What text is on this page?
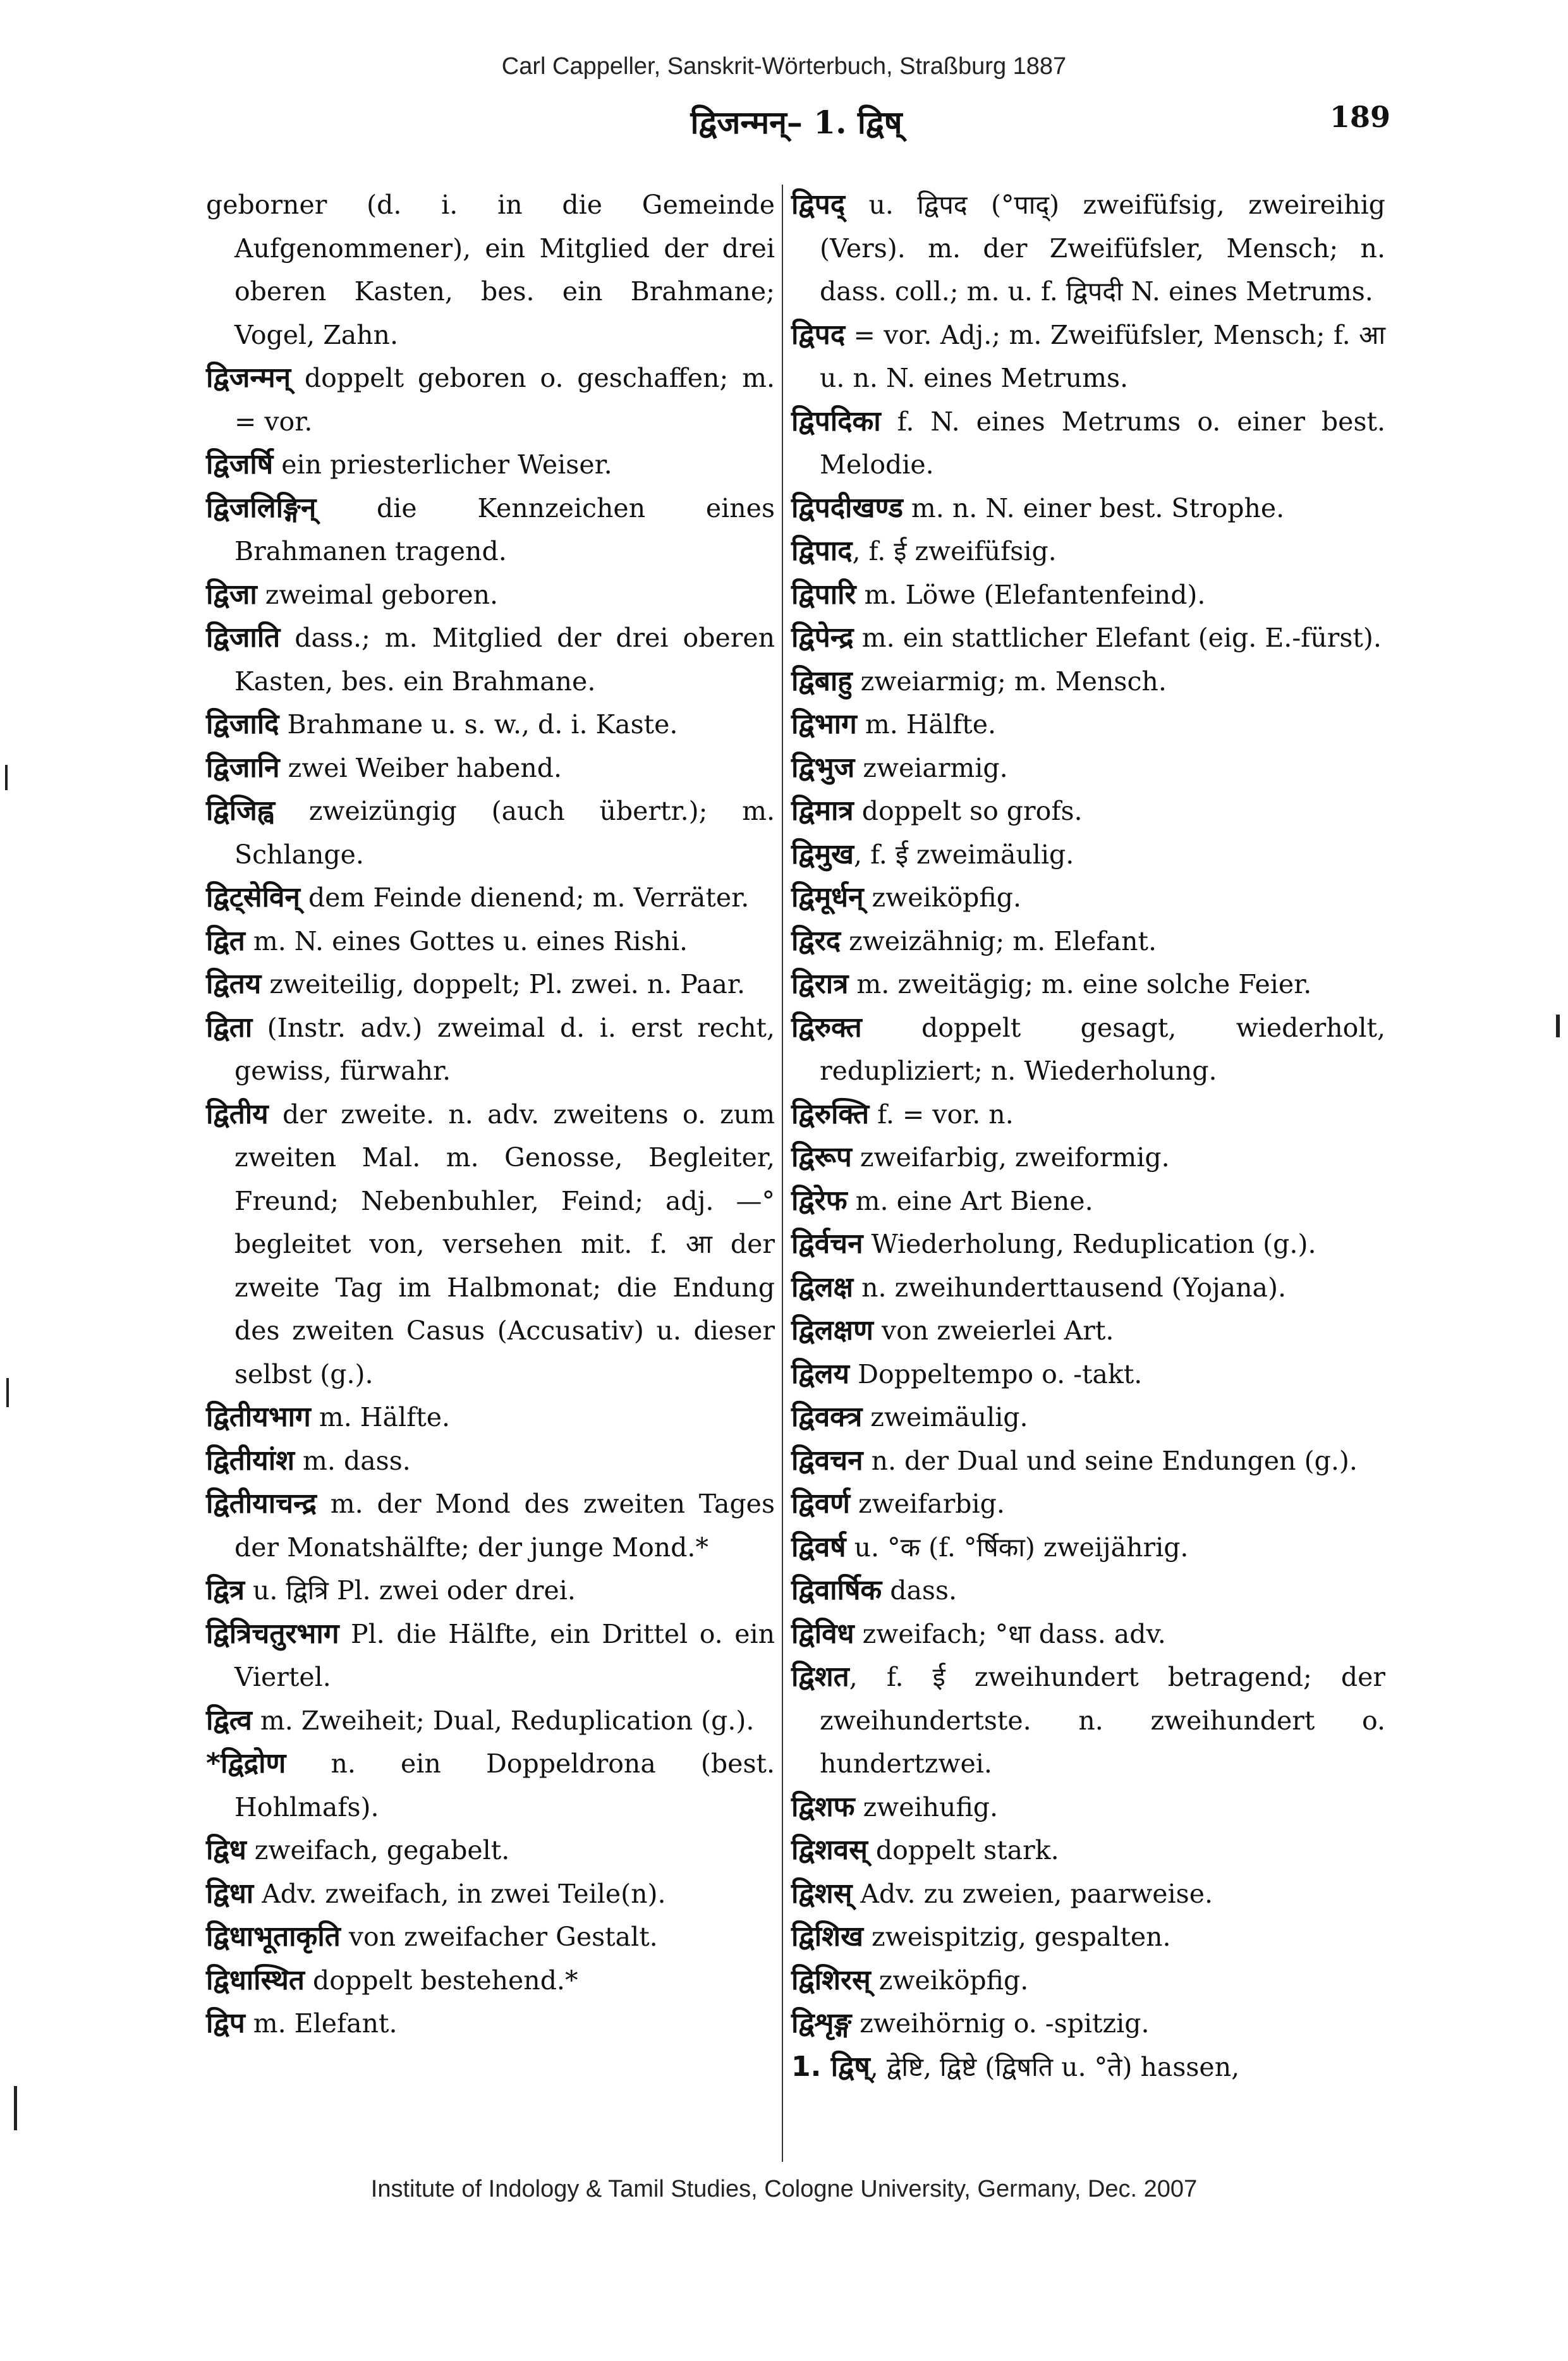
Carl Cappeller, Sanskrit-Wörterbuch, Straßburg 1887
द्विजन्मन्– 1. द्विष्	189

geborner (d. i. in die Gemeinde Aufgenommener), ein Mitglied der drei oberen Kasten, bes. ein Brahmane; Vogel, Zahn.

द्विजन्मन् doppelt geboren o. geschaffen; m. = vor.

द्विजर्षि ein priesterlicher Weiser.

द्विजलिङ्गिन् die Kennzeichen eines Brahmanen tragend.

द्विजा zweimal geboren.

द्विजाति dass.; m. Mitglied der drei oberen Kasten, bes. ein Brahmane.

द्विजादि Brahmane u. s. w., d. i. Kaste.

द्विजानि zwei Weiber habend.

द्विजिह्व zweizüngig (auch übertr.); m. Schlange.

द्विट्सेविन् dem Feinde dienend; m. Verräter.

द्वित m. N. eines Gottes u. eines Rishi.

द्वितय zweiteilig, doppelt; Pl. zwei. n. Paar.

द्विता (Instr. adv.) zweimal d. i. erst recht, gewiss, fürwahr.

द्वितीय der zweite. n. adv. zweitens o. zum zweiten Mal. m. Genosse, Begleiter, Freund; Nebenbuhler, Feind; adj. —° begleitet von, versehen mit. f. आ der zweite Tag im Halbmonat; die Endung des zweiten Casus (Accusativ) u. dieser selbst (g.).

द्वितीयभाग m. Hälfte.

द्वितीयांश m. dass.

द्वितीयाचन्द्र m. der Mond des zweiten Tages der Monatshälfte; der junge Mond.*

द्वित्र u. द्वित्रि Pl. zwei oder drei.

द्वित्रिचतुरभाग Pl. die Hälfte, ein Drittel o. ein Viertel.

द्वित्व m. Zweiheit; Dual, Reduplication (g.).

*द्विद्रोण n. ein Doppeldrona (best. Hohlmafs).

द्विध zweifach, gegabelt.

द्विधा Adv. zweifach, in zwei Teile(n).

द्विधाभूताकृति von zweifacher Gestalt.

द्विधास्थित doppelt bestehend.*

द्विप m. Elefant.

द्विपद् u. द्विपद (°पाद्) zweifüfsig, zweireihig (Vers). m. der Zweifüfsler, Mensch; n. dass. coll.; m. u. f. द्विपदी N. eines Metrums.

द्विपद = vor. Adj.; m. Zweifüfsler, Mensch; f. आ u. n. N. eines Metrums.

द्विपदिका f. N. eines Metrums o. einer best. Melodie.

द्विपदीखण्ड m. n. N. einer best. Strophe.

द्विपाद, f. ई zweifüfsig.

द्विपारि m. Löwe (Elefantenfeind).

द्विपेन्द्र m. ein stattlicher Elefant (eig. E.-fürst).

द्विबाहु zweiarmig; m. Mensch.

द्विभाग m. Hälfte.

द्विभुज zweiarmig.

द्विमात्र doppelt so grofs.

द्विमुख, f. ई zweimäulig.

द्विमूर्धन् zweiköpfig.

द्विरद zweizähnig; m. Elefant.

द्विरात्र m. zweitägig; m. eine solche Feier.

द्विरुक्त doppelt gesagt, wiederholt, redupliziert; n. Wiederholung.

द्विरुक्ति f. = vor. n.

द्विरूप zweifarbig, zweiformig.

द्विरेफ m. eine Art Biene.

द्विर्वचन Wiederholung, Reduplication (g.).

द्विलक्ष n. zweihunderttausend (Yojana).

द्विलक्षण von zweierlei Art.

द्विलय Doppeltempo o. -takt.

द्विवक्त्र zweimäulig.

द्विवचन n. der Dual und seine Endungen (g.).

द्विवर्ण zweifarbig.

द्विवर्ष u. °क (f. °र्षिका) zweijährig.

द्विवार्षिक dass.

द्विविध zweifach; °धा dass. adv.

द्विशत, f. ई zweihundert betragend; der zweihundertste. n. zweihundert o. hundertzwei.

द्विशफ zweihufig.

द्विशवस् doppelt stark.

द्विशस् Adv. zu zweien, paarweise.

द्विशिख zweispitzig, gespalten.

द्विशिरस् zweiköpfig.

द्विशृङ्ग zweihörnig o. -spitzig.

1. द्विष्, द्वेष्टि, द्विष्टे (द्विषति u. °ते) hassen,

Institute of Indology & Tamil Studies, Cologne University, Germany, Dec. 2007
